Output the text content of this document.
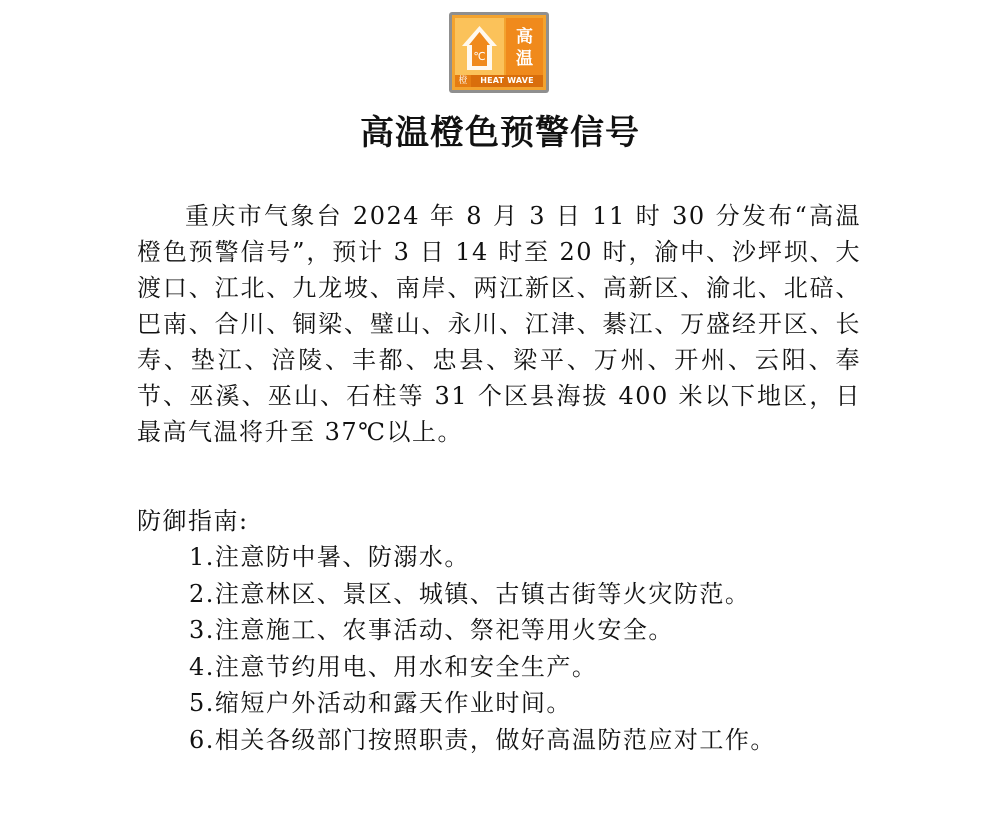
℃
高
温
橙	HEAT WAVE
高温橙色预警信号
重庆市气象台 2024 年 8 月 3 日 11 时 30 分发布“高温橙色预警信号”，预计 3 日 14 时至 20 时，渝中、沙坪坝、大渡口、江北、九龙坡、南岸、两江新区、高新区、渝北、北碚、巴南、合川、铜梁、璧山、永川、江津、綦江、万盛经开区、长寿、垫江、涪陵、丰都、忠县、梁平、万州、开州、云阳、奉节、巫溪、巫山、石柱等 31 个区县海拔 400 米以下地区，日最高气温将升至 37℃以上。
防御指南:
1.注意防中暑、防溺水。
2.注意林区、景区、城镇、古镇古街等火灾防范。
3.注意施工、农事活动、祭祀等用火安全。
4.注意节约用电、用水和安全生产。
5.缩短户外活动和露天作业时间。
6.相关各级部门按照职责，做好高温防范应对工作。
